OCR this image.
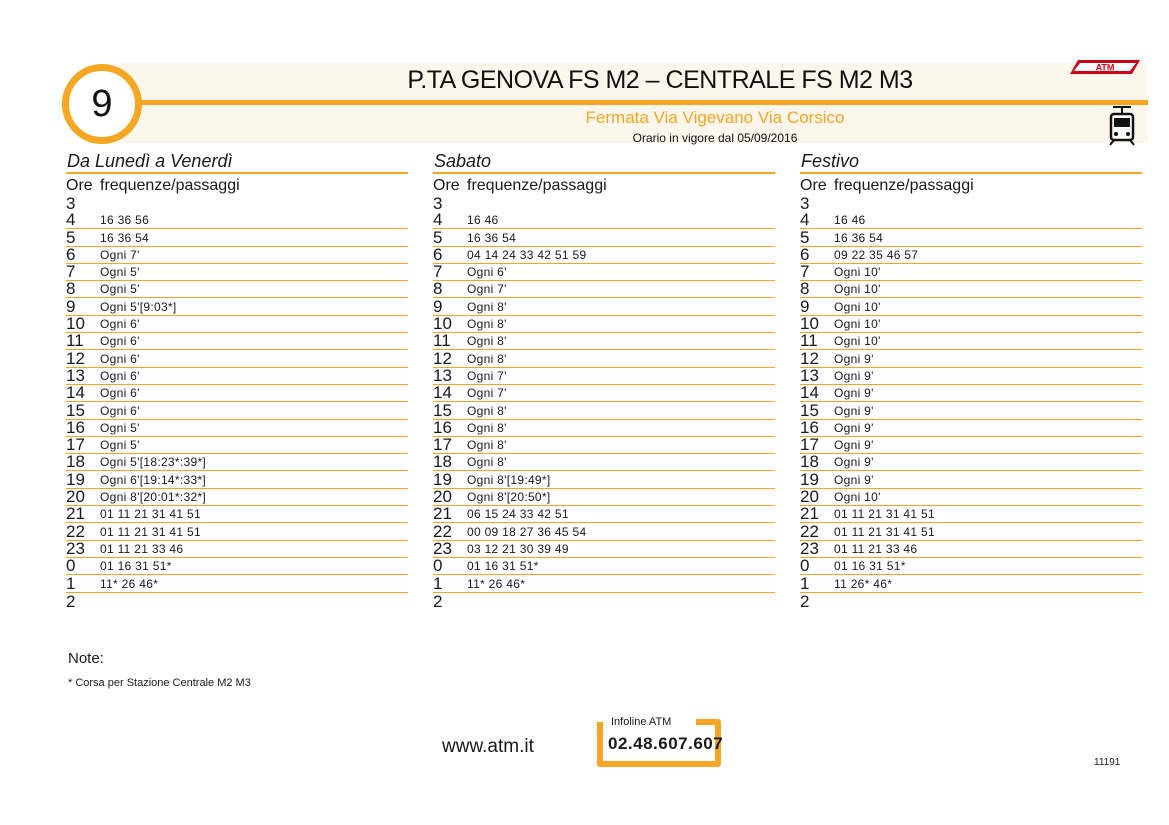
9
P.TA GENOVA FS M2 – CENTRALE FS M2 M3
Fermata Via Vigevano Via Corsico
Orario in vigore dal 05/09/2016
ATM
Da Lunedì a Venerdì
Ore frequenze/passaggi
3
4	16 36 56
5	16 36 54
6	Ogni 7'
7	Ogni 5'
8	Ogni 5'
9	Ogni 5'[9:03*]
10	Ogni 6'
11	Ogni 6'
12	Ogni 6'
13	Ogni 6'
14	Ogni 6'
15	Ogni 6'
16	Ogni 5'
17	Ogni 5'
18	Ogni 5'[18:23*:39*]
19	Ogni 6'[19:14*:33*]
20	Ogni 8'[20:01*:32*]
21	01 11 21 31 41 51
22	01 11 21 31 41 51
23	01 11 21 33 46
0	01 16 31 51*
1	11* 26 46*
2
Sabato
Ore frequenze/passaggi
3
4	16 46
5	16 36 54
6	04 14 24 33 42 51 59
7	Ogni 6'
8	Ogni 7'
9	Ogni 8'
10	Ogni 8'
11	Ogni 8'
12	Ogni 8'
13	Ogni 7'
14	Ogni 7'
15	Ogni 8'
16	Ogni 8'
17	Ogni 8'
18	Ogni 8'
19	Ogni 8'[19:49*]
20	Ogni 8'[20:50*]
21	06 15 24 33 42 51
22	00 09 18 27 36 45 54
23	03 12 21 30 39 49
0	01 16 31 51*
1	11* 26 46*
2
Festivo
Ore frequenze/passaggi
3
4	16 46
5	16 36 54
6	09 22 35 46 57
7	Ogni 10'
8	Ogni 10'
9	Ogni 10'
10	Ogni 10'
11	Ogni 10'
12	Ogni 9'
13	Ogni 9'
14	Ogni 9'
15	Ogni 9'
16	Ogni 9'
17	Ogni 9'
18	Ogni 9'
19	Ogni 9'
20	Ogni 10'
21	01 11 21 31 41 51
22	01 11 21 31 41 51
23	01 11 21 33 46
0	01 16 31 51*
1	11 26* 46*
2
Note:
* Corsa per Stazione Centrale M2 M3
www.atm.it
Infoline ATM
02.48.607.607
11191
